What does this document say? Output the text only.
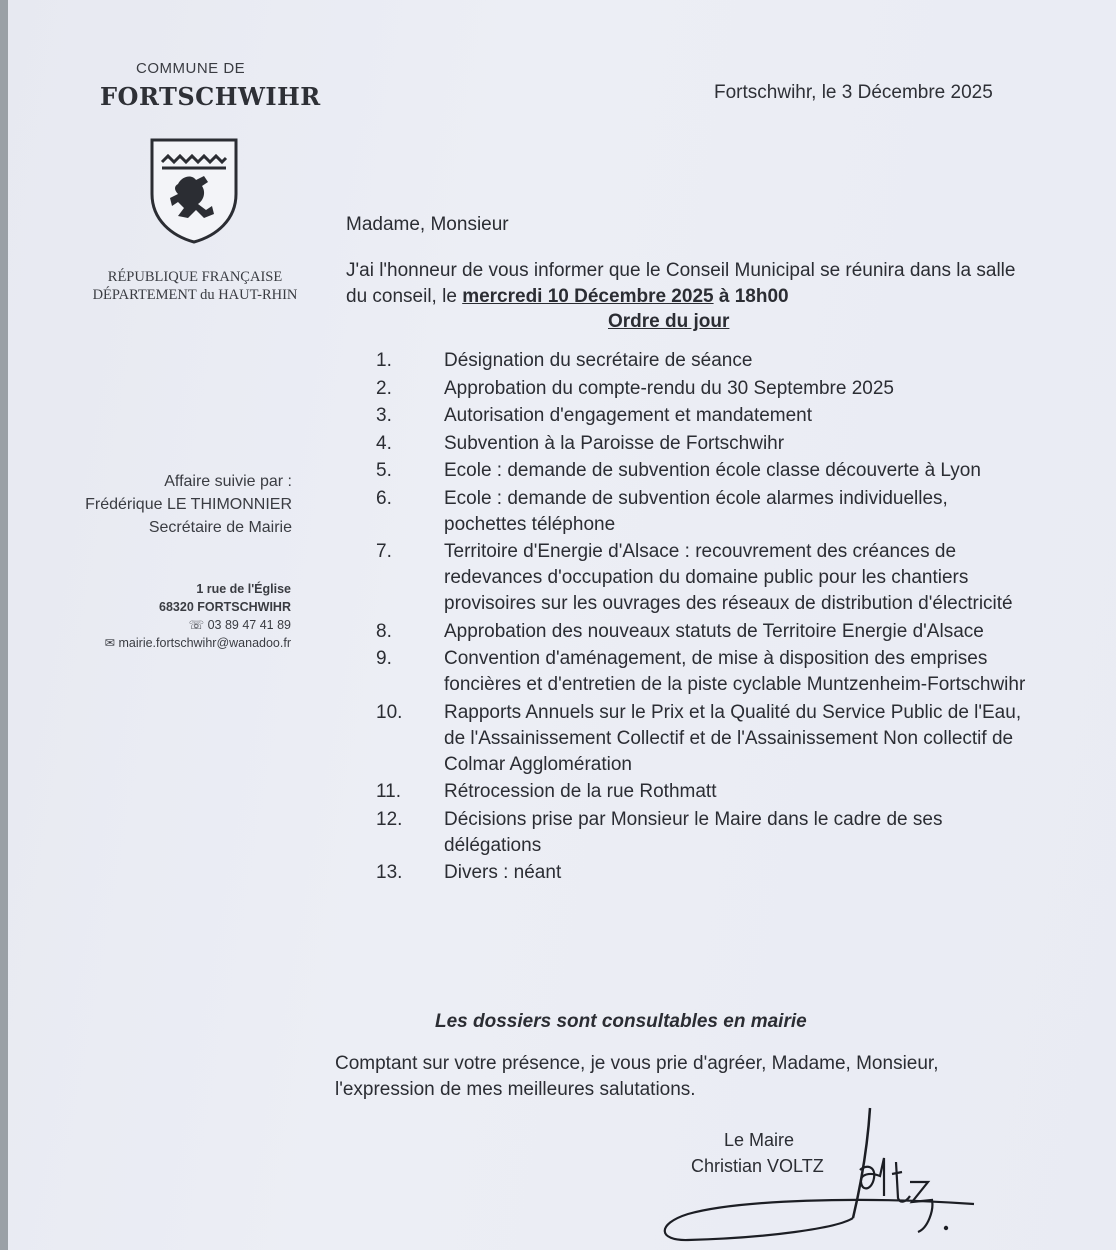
COMMUNE DE
FORTSCHWIHR
RÉPUBLIQUE FRANÇAISE
DÉPARTEMENT du HAUT-RHIN
Affaire suivie par :
Frédérique LE THIMONNIER
Secrétaire de Mairie
1 rue de l'Église
68320 FORTSCHWIHR
☏ 03 89 47 41 89
✉ mairie.fortschwihr@wanadoo.fr
Fortschwihr, le 3 Décembre 2025
Madame, Monsieur
J'ai l'honneur de vous informer que le Conseil Municipal se réunira dans la salle du conseil, le mercredi 10 Décembre 2025 à 18h00
Ordre du jour
1.	Désignation du secrétaire de séance
2.	Approbation du compte-rendu du 30 Septembre 2025
3.	Autorisation d'engagement et mandatement
4.	Subvention à la Paroisse de Fortschwihr
5.	Ecole : demande de subvention école classe découverte à Lyon
6.	Ecole : demande de subvention école alarmes individuelles, pochettes téléphone
7.	Territoire d'Energie d'Alsace : recouvrement des créances de redevances d'occupation du domaine public pour les chantiers provisoires sur les ouvrages des réseaux de distribution d'électricité
8.	Approbation des nouveaux statuts de Territoire Energie d'Alsace
9.	Convention d'aménagement, de mise à disposition des emprises foncières et d'entretien de la piste cyclable Muntzenheim-Fortschwihr
10.	Rapports Annuels sur le Prix et la Qualité du Service Public de l'Eau, de l'Assainissement Collectif et de l'Assainissement Non collectif de Colmar Agglomération
11.	Rétrocession de la rue Rothmatt
12.	Décisions prise par Monsieur le Maire dans le cadre de ses délégations
13.	Divers : néant
Les dossiers sont consultables en mairie
Comptant sur votre présence, je vous prie d'agréer, Madame, Monsieur, l'expression de mes meilleures salutations.
Le Maire
Christian VOLTZ
